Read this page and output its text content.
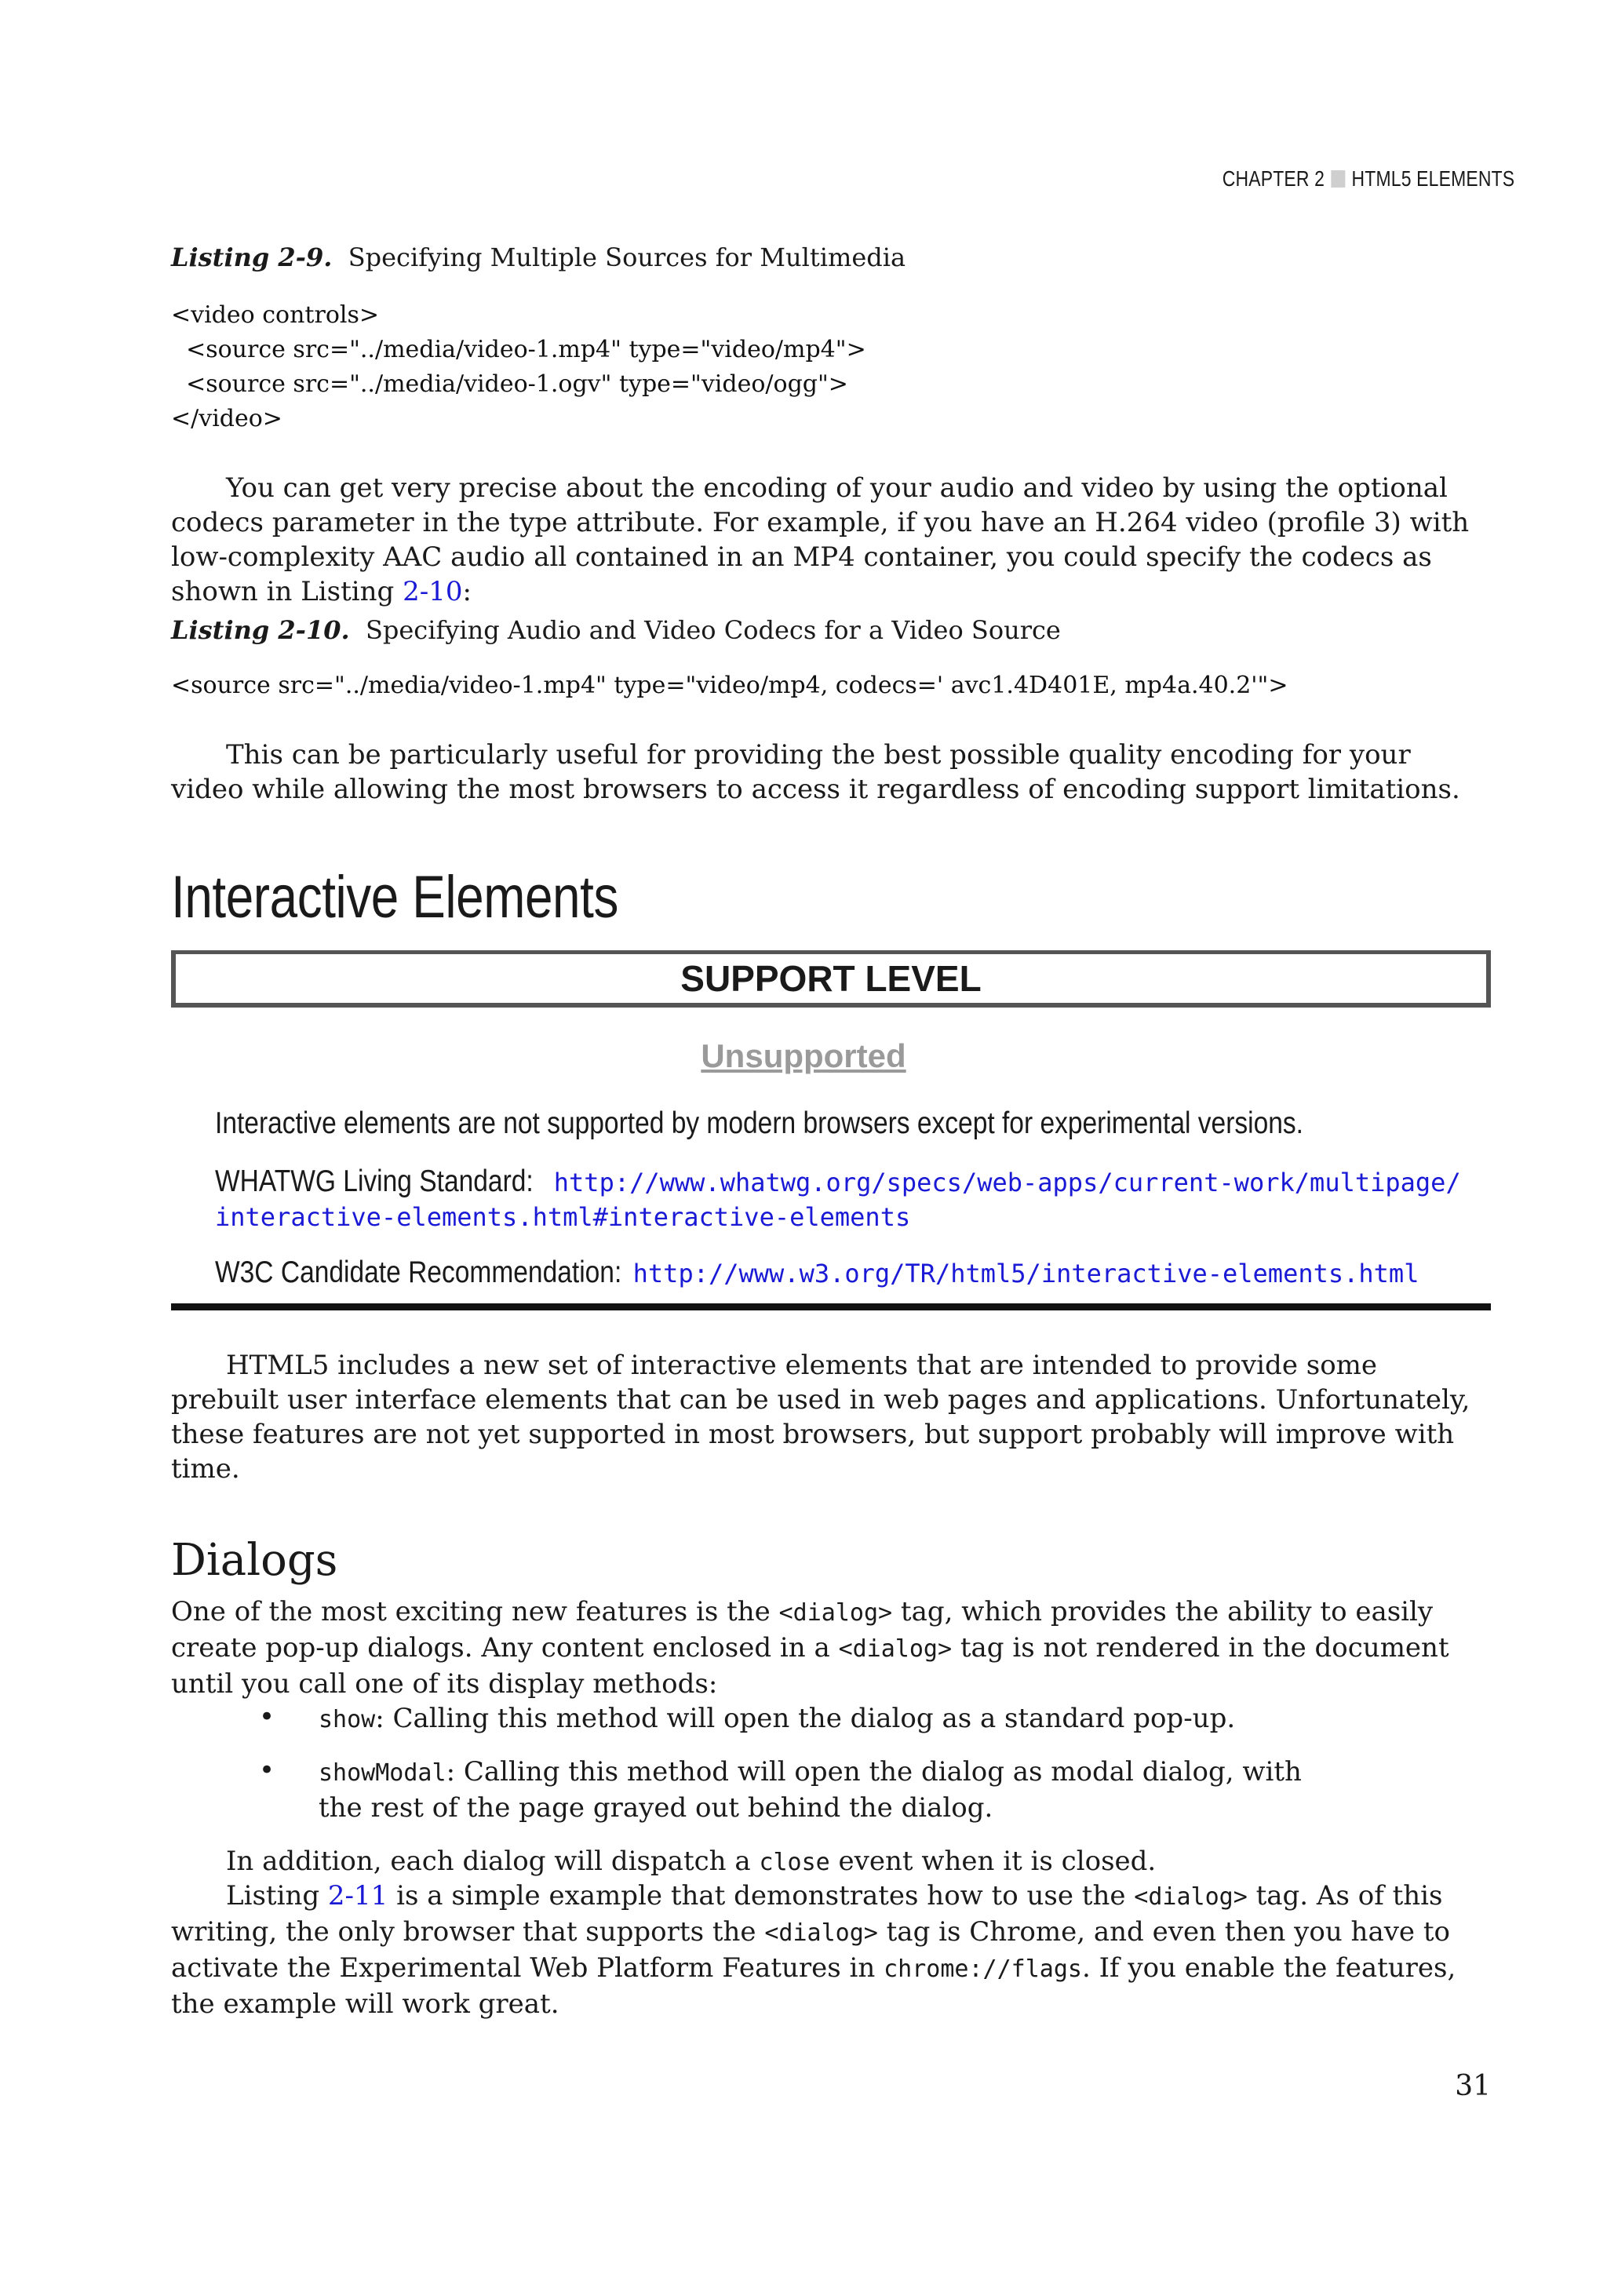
CHAPTER 2 HTML5 ELEMENTS
Listing 2-9. Specifying Multiple Sources for Multimedia
<video controls>
<source src="../media/video-1.mp4" type="video/mp4">
<source src="../media/video-1.ogv" type="video/ogg">
</video>
You can get very precise about the encoding of your audio and video by using the optional codecs parameter in the type attribute. For example, if you have an H.264 video (profile 3) with low-complexity AAC audio all contained in an MP4 container, you could specify the codecs as shown in Listing 2-10:
Listing 2-10. Specifying Audio and Video Codecs for a Video Source
<source src="../media/video-1.mp4" type="video/mp4, codecs=' avc1.4D401E, mp4a.40.2'">
This can be particularly useful for providing the best possible quality encoding for your video while allowing the most browsers to access it regardless of encoding support limitations.
Interactive Elements
SUPPORT LEVEL
Unsupported
Interactive elements are not supported by modern browsers except for experimental versions.
WHATWG Living Standard:http://www.whatwg.org/specs/web-apps/current-work/multipage/
interactive-elements.html#interactive-elements
W3C Candidate Recommendation:http://www.w3.org/TR/html5/interactive-elements.html
HTML5 includes a new set of interactive elements that are intended to provide some prebuilt user interface elements that can be used in web pages and applications. Unfortunately, these features are not yet supported in most browsers, but support probably will improve with time.
Dialogs
One of the most exciting new features is the <dialog> tag, which provides the ability to easily create pop-up dialogs. Any content enclosed in a <dialog> tag is not rendered in the document until you call one of its display methods:
• show: Calling this method will open the dialog as a standard pop-up.
• showModal: Calling this method will open the dialog as modal dialog, with the rest of the page grayed out behind the dialog.
In addition, each dialog will dispatch a close event when it is closed.
Listing 2-11 is a simple example that demonstrates how to use the <dialog> tag. As of this writing, the only browser that supports the <dialog> tag is Chrome, and even then you have to activate the Experimental Web Platform Features in chrome://flags. If you enable the features, the example will work great.
31
